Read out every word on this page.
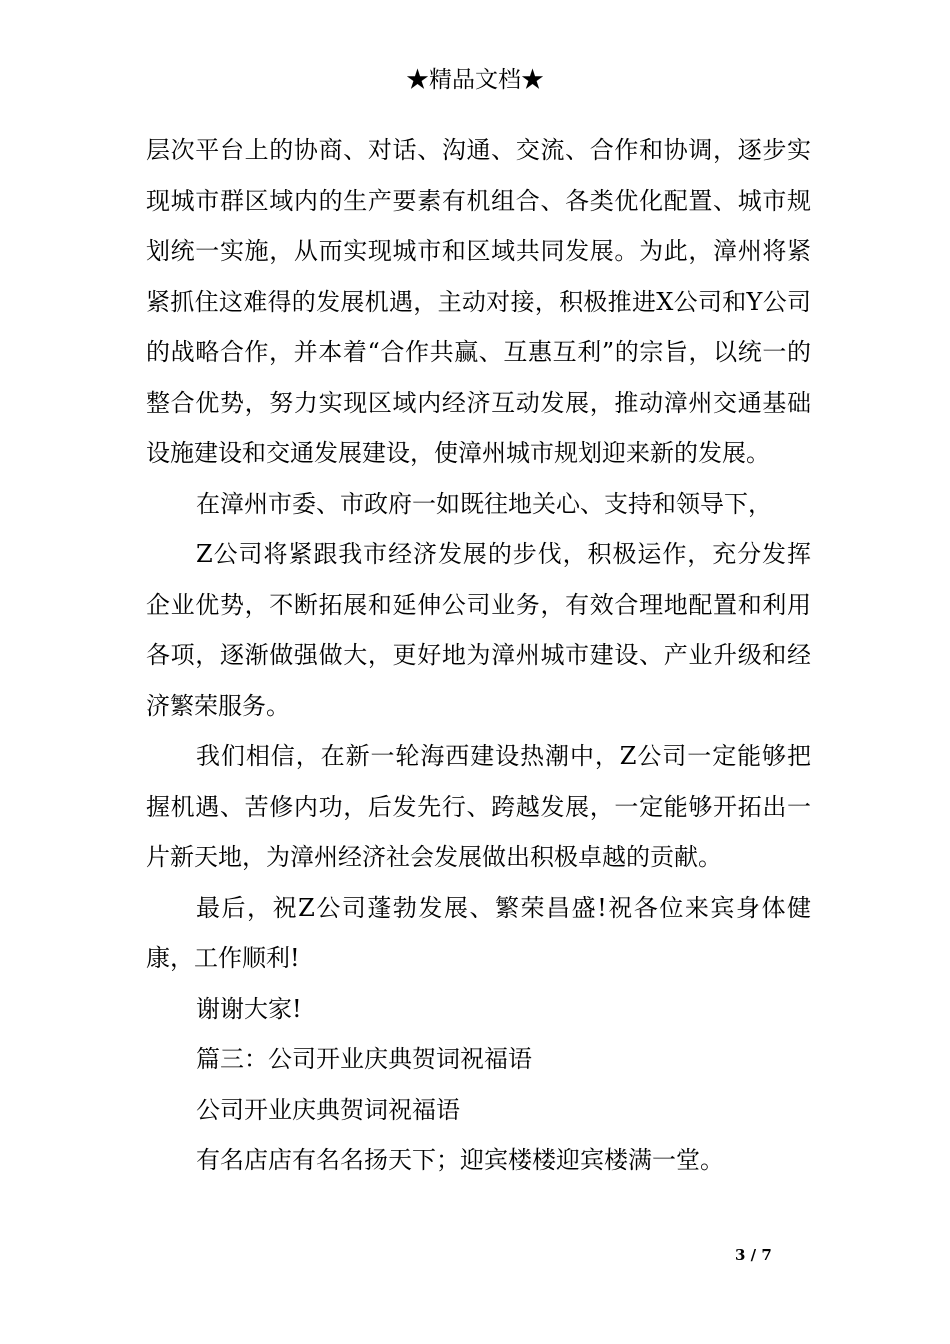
★精品文档★

层次平台上的协商、对话、沟通、交流、合作和协调，逐步实现城市群区域内的生产要素有机组合、各类优化配置、城市规划统一实施，从而实现城市和区域共同发展。为此，漳州将紧紧抓住这难得的发展机遇，主动对接，积极推进X公司和Y公司的战略合作，并本着“合作共赢、互惠互利”的宗旨，以统一的整合优势，努力实现区域内经济互动发展，推动漳州交通基础设施建设和交通发展建设，使漳州城市规划迎来新的发展。

在漳州市委、市政府一如既往地关心、支持和领导下，

Z公司将紧跟我市经济发展的步伐，积极运作，充分发挥企业优势，不断拓展和延伸公司业务，有效合理地配置和利用各项，逐渐做强做大，更好地为漳州城市建设、产业升级和经济繁荣服务。

我们相信，在新一轮海西建设热潮中，Z公司一定能够把握机遇、苦修内功，后发先行、跨越发展，一定能够开拓出一片新天地，为漳州经济社会发展做出积极卓越的贡献。

最后，祝Z公司蓬勃发展、繁荣昌盛!祝各位来宾身体健康，工作顺利!

谢谢大家!

篇三：公司开业庆典贺词祝福语

公司开业庆典贺词祝福语

有名店店有名名扬天下；迎宾楼楼迎宾楼满一堂。

3 / 7
